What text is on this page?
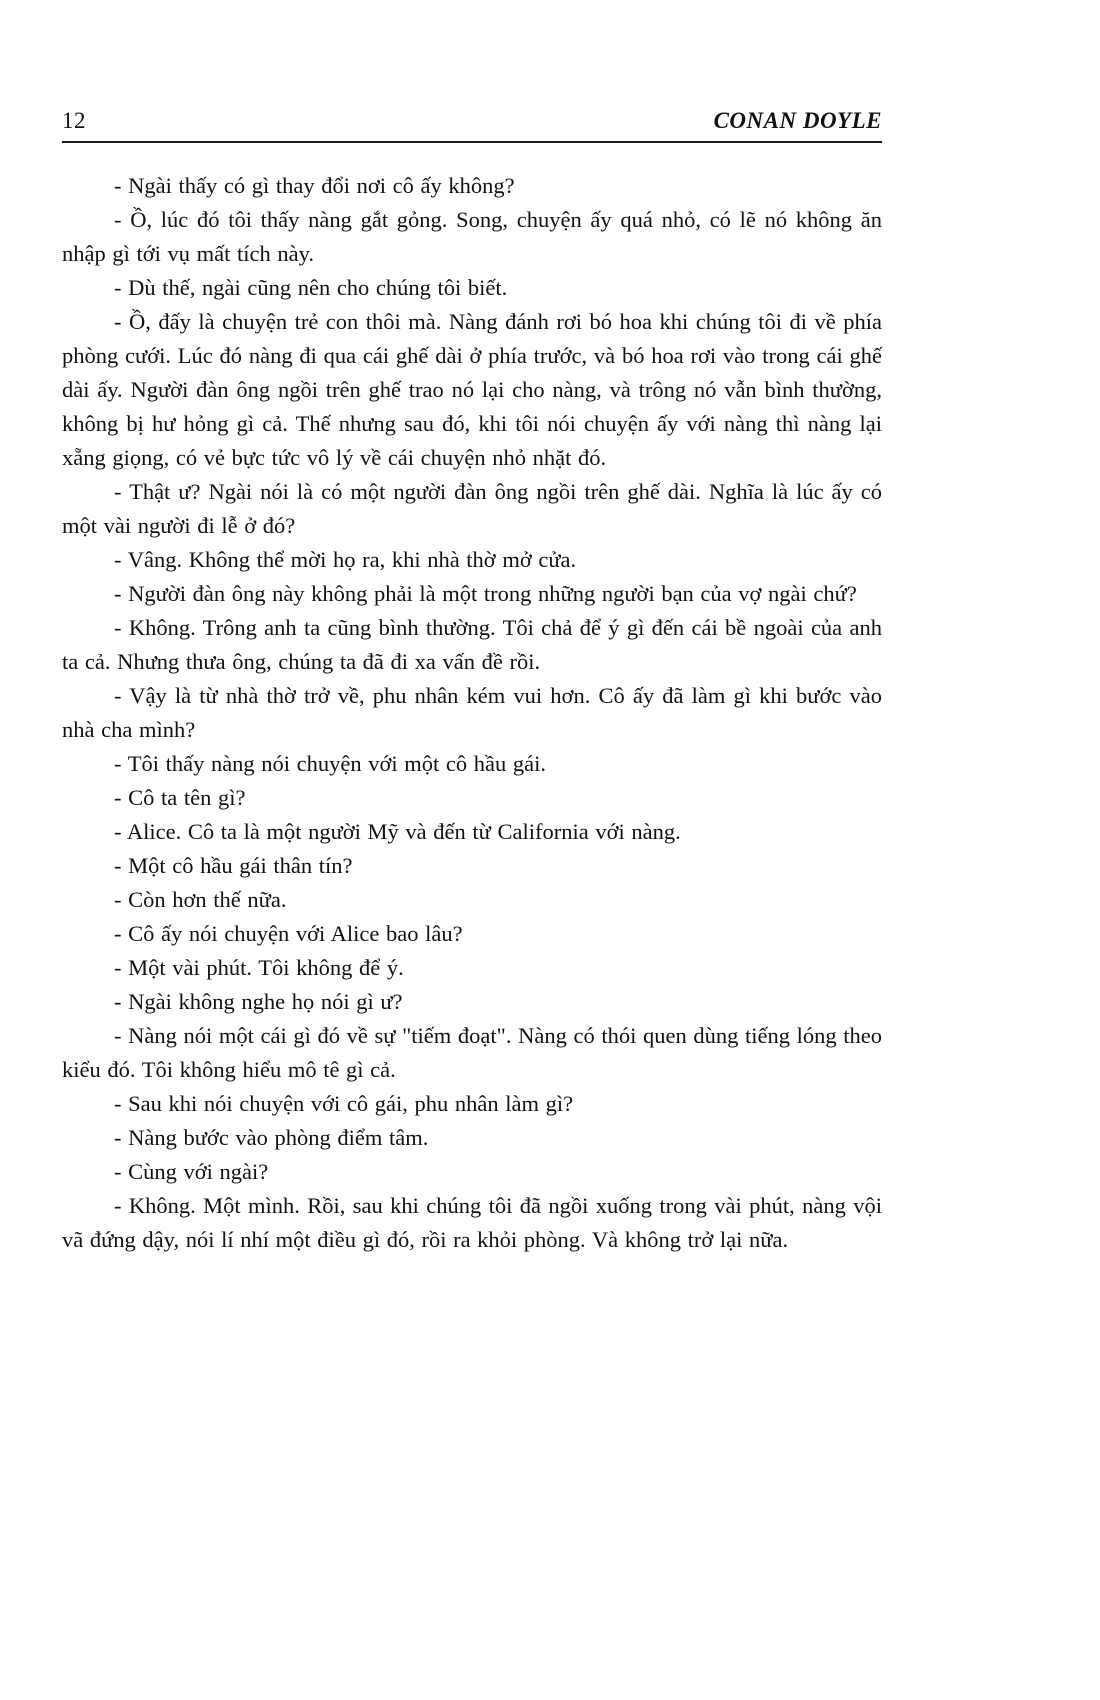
12	CONAN DOYLE

- Ngài thấy có gì thay đổi nơi cô ấy không?

- Ồ, lúc đó tôi thấy nàng gắt gỏng. Song, chuyện ấy quá nhỏ, có lẽ nó không ăn nhập gì tới vụ mất tích này.

- Dù thế, ngài cũng nên cho chúng tôi biết.

- Ồ, đấy là chuyện trẻ con thôi mà. Nàng đánh rơi bó hoa khi chúng tôi đi về phía phòng cưới. Lúc đó nàng đi qua cái ghế dài ở phía trước, và bó hoa rơi vào trong cái ghế dài ấy. Người đàn ông ngồi trên ghế trao nó lại cho nàng, và trông nó vẫn bình thường, không bị hư hỏng gì cả. Thế nhưng sau đó, khi tôi nói chuyện ấy với nàng thì nàng lại xẵng giọng, có vẻ bực tức vô lý về cái chuyện nhỏ nhặt đó.

- Thật ư? Ngài nói là có một người đàn ông ngồi trên ghế dài. Nghĩa là lúc ấy có một vài người đi lễ ở đó?

- Vâng. Không thể mời họ ra, khi nhà thờ mở cửa.

- Người đàn ông này không phải là một trong những người bạn của vợ ngài chứ?

- Không. Trông anh ta cũng bình thường. Tôi chả để ý gì đến cái bề ngoài của anh ta cả. Nhưng thưa ông, chúng ta đã đi xa vấn đề rồi.

- Vậy là từ nhà thờ trở về, phu nhân kém vui hơn. Cô ấy đã làm gì khi bước vào nhà cha mình?

- Tôi thấy nàng nói chuyện với một cô hầu gái.

- Cô ta tên gì?

- Alice. Cô ta là một người Mỹ và đến từ California với nàng.

- Một cô hầu gái thân tín?

- Còn hơn thế nữa.

- Cô ấy nói chuyện với Alice bao lâu?

- Một vài phút. Tôi không để ý.

- Ngài không nghe họ nói gì ư?

- Nàng nói một cái gì đó về sự "tiếm đoạt". Nàng có thói quen dùng tiếng lóng theo kiểu đó. Tôi không hiểu mô tê gì cả.

- Sau khi nói chuyện với cô gái, phu nhân làm gì?

- Nàng bước vào phòng điểm tâm.

- Cùng với ngài?

- Không. Một mình. Rồi, sau khi chúng tôi đã ngồi xuống trong vài phút, nàng vội vã đứng dậy, nói lí nhí một điều gì đó, rồi ra khỏi phòng. Và không trở lại nữa.
